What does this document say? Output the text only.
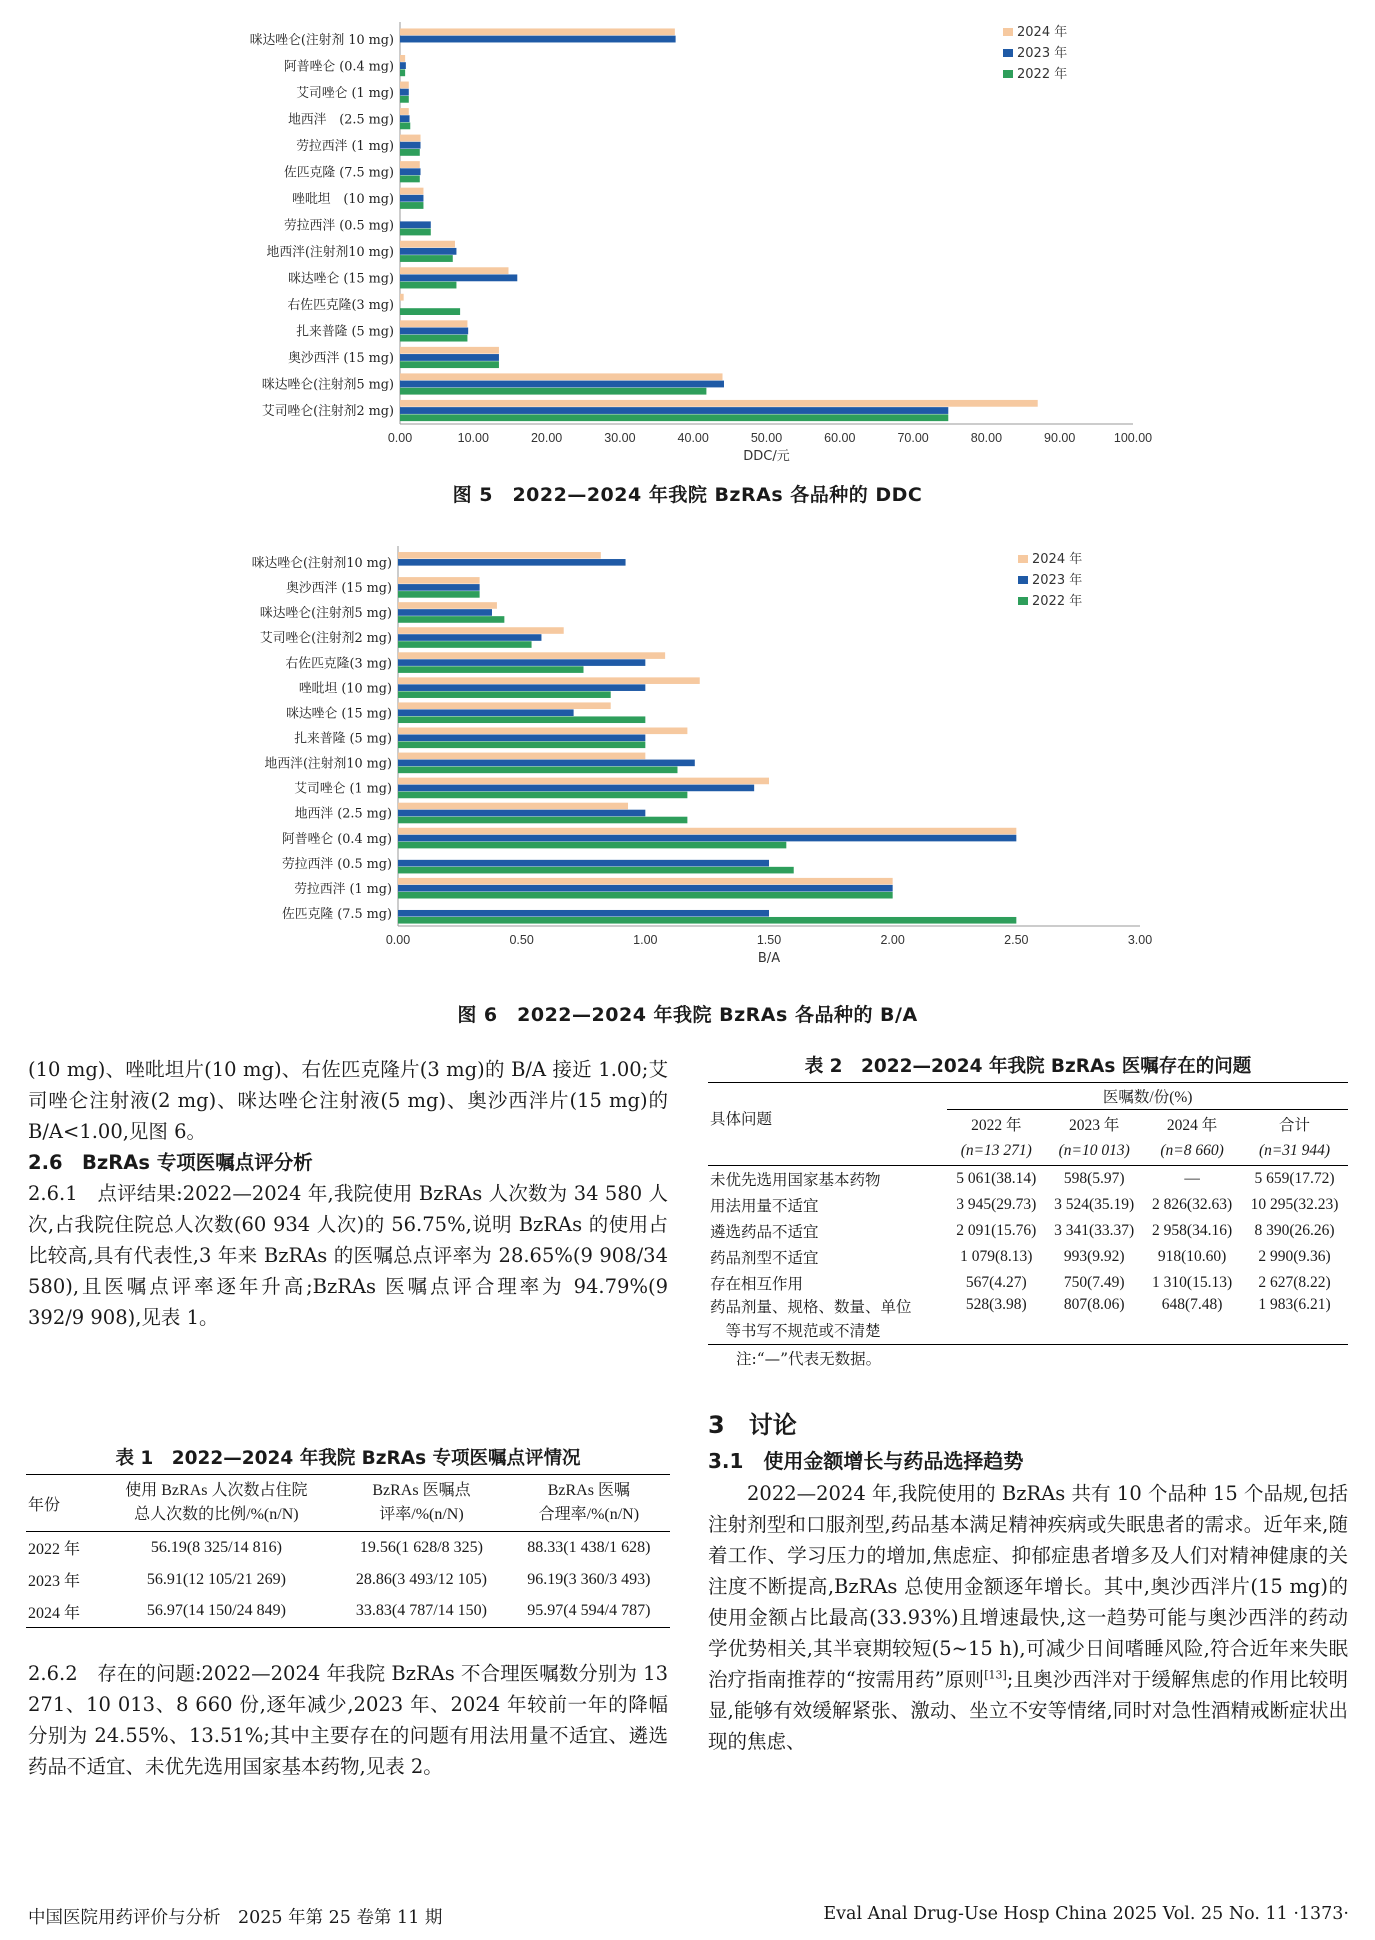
0.00	10.00	20.00	30.00	40.00	50.00	60.00	70.00	80.00	90.00	100.00
DDC/元
咪达唑仑(注射剂 10 mg)
阿普唑仑 (0.4 mg)
艾司唑仑 (1 mg)
地西泮　(2.5 mg)
劳拉西泮 (1 mg)
佐匹克隆 (7.5 mg)
唑吡坦　(10 mg)
劳拉西泮 (0.5 mg)
地西泮(注射剂10 mg)
咪达唑仑 (15 mg)
右佐匹克隆(3 mg)
扎来普隆 (5 mg)
奥沙西泮 (15 mg)
咪达唑仑(注射剂5 mg)
艾司唑仑(注射剂2 mg)
2024 年
2023 年
2022 年
图 5　2022—2024 年我院 BzRAs 各品种的 DDC
0.00	0.50	1.00	1.50	2.00	2.50	3.00
B/A
咪达唑仑(注射剂10 mg)
奥沙西泮 (15 mg)
咪达唑仑(注射剂5 mg)
艾司唑仑(注射剂2 mg)
右佐匹克隆(3 mg)
唑吡坦 (10 mg)
咪达唑仑 (15 mg)
扎来普隆 (5 mg)
地西泮(注射剂10 mg)
艾司唑仑 (1 mg)
地西泮 (2.5 mg)
阿普唑仑 (0.4 mg)
劳拉西泮 (0.5 mg)
劳拉西泮 (1 mg)
佐匹克隆 (7.5 mg)
2024 年
2023 年
2022 年
图 6　2022—2024 年我院 BzRAs 各品种的 B/A

(10 mg)、唑吡坦片(10 mg)、右佐匹克隆片(3 mg)的 B/A 接近 1.00;艾司唑仑注射液(2 mg)、咪达唑仑注射液(5 mg)、奥沙西泮片(15 mg)的 B/A<1.00,见图 6。

2.6　BzRAs 专项医嘱点评分析

2.6.1　点评结果:2022—2024 年,我院使用 BzRAs 人次数为 34 580 人次,占我院住院总人次数(60 934 人次)的 56.75%,说明 BzRAs 的使用占比较高,具有代表性,3 年来 BzRAs 的医嘱总点评率为 28.65%(9 908/34 580),且医嘱点评率逐年升高;BzRAs 医嘱点评合理率为 94.79%(9 392/9 908),见表 1。

表 1　2022—2024 年我院 BzRAs 专项医嘱点评情况
年份	使用 BzRAs 人次数占住院
总人次数的比例/%(n/N)	BzRAs 医嘱点
评率/%(n/N)	BzRAs 医嘱
合理率/%(n/N)
2022 年	56.19(8 325/14 816)	19.56(1 628/8 325)	88.33(1 438/1 628)
2023 年	56.91(12 105/21 269)	28.86(3 493/12 105)	96.19(3 360/3 493)
2024 年	56.97(14 150/24 849)	33.83(4 787/14 150)	95.97(4 594/4 787)

2.6.2　存在的问题:2022—2024 年我院 BzRAs 不合理医嘱数分别为 13 271、10 013、8 660 份,逐年减少,2023 年、2024 年较前一年的降幅分别为 24.55%、13.51%;其中主要存在的问题有用法用量不适宜、遴选药品不适宜、未优先选用国家基本药物,见表 2。

表 2　2022—2024 年我院 BzRAs 医嘱存在的问题
具体问题	医嘱数/份(%)			
	2022 年	2023 年	2024 年	合计
	(n=13 271)	(n=10 013)	(n=8 660)	(n=31 944)
未优先选用国家基本药物	5 061(38.14)	598(5.97)	—	5 659(17.72)
用法用量不适宜	3 945(29.73)	3 524(35.19)	2 826(32.63)	10 295(32.23)
遴选药品不适宜	2 091(15.76)	3 341(33.37)	2 958(34.16)	8 390(26.26)
药品剂型不适宜	1 079(8.13)	993(9.92)	918(10.60)	2 990(9.36)
存在相互作用	567(4.27)	750(7.49)	1 310(15.13)	2 627(8.22)
药品剂量、规格、数量、单位
等书写不规范或不清楚	528(3.98)	807(8.06)	648(7.48)	1 983(6.21)
注:“—”代表无数据。
3　讨论
3.1　使用金额增长与药品选择趋势

2022—2024 年,我院使用的 BzRAs 共有 10 个品种 15 个品规,包括注射剂型和口服剂型,药品基本满足精神疾病或失眠患者的需求。近年来,随着工作、学习压力的增加,焦虑症、抑郁症患者增多及人们对精神健康的关注度不断提高,BzRAs 总使用金额逐年增长。其中,奥沙西泮片(15 mg)的使用金额占比最高(33.93%)且增速最快,这一趋势可能与奥沙西泮的药动学优势相关,其半衰期较短(5~15 h),可减少日间嗜睡风险,符合近年来失眠治疗指南推荐的“按需用药”原则[13];且奥沙西泮对于缓解焦虑的作用比较明显,能够有效缓解紧张、激动、坐立不安等情绪,同时对急性酒精戒断症状出现的焦虑、

中国医院用药评价与分析　2025 年第 25 卷第 11 期	Eval Anal Drug-Use Hosp China 2025 Vol. 25 No. 11 ·1373·
